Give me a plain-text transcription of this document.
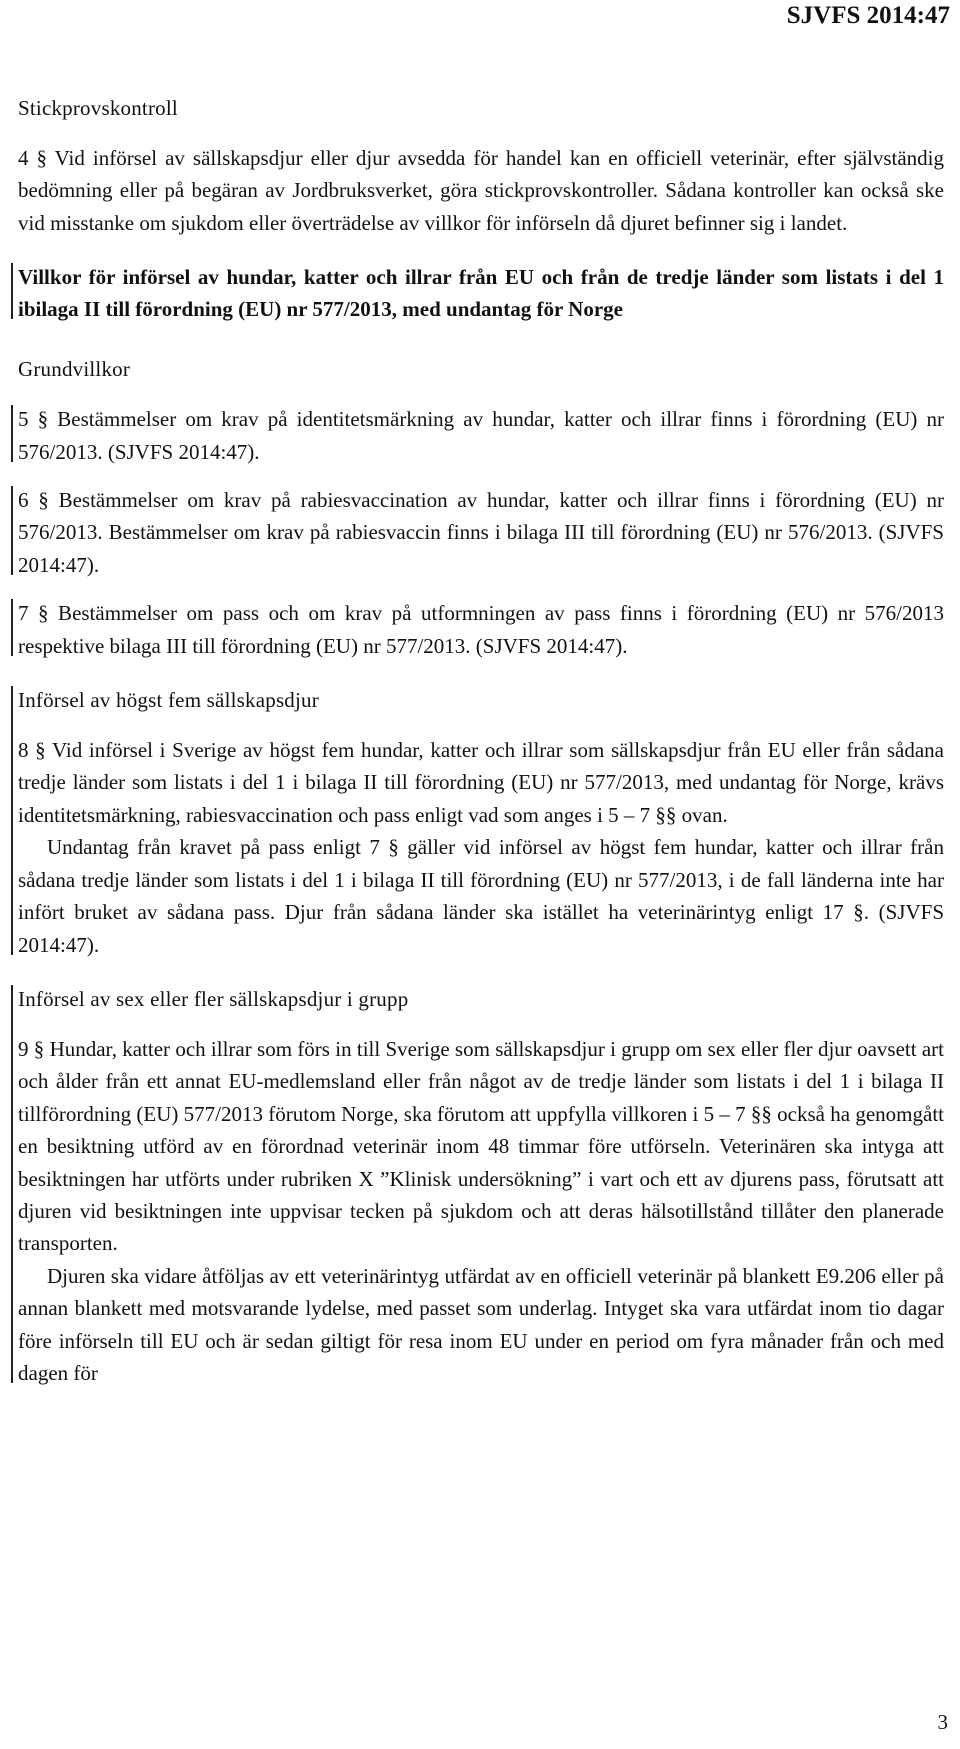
SJVFS 2014:47
Stickprovskontroll

4 § Vid införsel av sällskapsdjur eller djur avsedda för handel kan en officiell veterinär, efter självständig bedömning eller på begäran av Jordbruksverket, göra stickprovskontroller. Sådana kontroller kan också ske vid misstanke om sjukdom eller överträdelse av villkor för införseln då djuret befinner sig i landet.

Villkor för införsel av hundar, katter och illrar från EU och från de tredje länder som listats i del 1 ibilaga II till förordning (EU) nr 577/2013, med undantag för Norge
Grundvillkor

5 § Bestämmelser om krav på identitetsmärkning av hundar, katter och illrar finns i förordning (EU) nr 576/2013. (SJVFS 2014:47).

6 § Bestämmelser om krav på rabiesvaccination av hundar, katter och illrar finns i förordning (EU) nr 576/2013. Bestämmelser om krav på rabiesvaccin finns i bilaga III till förordning (EU) nr 576/2013. (SJVFS 2014:47).

7 § Bestämmelser om pass och om krav på utformningen av pass finns i förordning (EU) nr 576/2013 respektive bilaga III till förordning (EU) nr 577/2013. (SJVFS 2014:47).

Införsel av högst fem sällskapsdjur

8 § Vid införsel i Sverige av högst fem hundar, katter och illrar som sällskapsdjur från EU eller från sådana tredje länder som listats i del 1 i bilaga II till förordning (EU) nr 577/2013, med undantag för Norge, krävs identitetsmärkning, rabiesvaccination och pass enligt vad som anges i 5 – 7 §§ ovan.

Undantag från kravet på pass enligt 7 § gäller vid införsel av högst fem hundar, katter och illrar från sådana tredje länder som listats i del 1 i bilaga II till förordning (EU) nr 577/2013, i de fall länderna inte har infört bruket av sådana pass. Djur från sådana länder ska istället ha veterinärintyg enligt 17 §. (SJVFS 2014:47).

Införsel av sex eller fler sällskapsdjur i grupp

9 § Hundar, katter och illrar som förs in till Sverige som sällskapsdjur i grupp om sex eller fler djur oavsett art och ålder från ett annat EU-medlemsland eller från något av de tredje länder som listats i del 1 i bilaga II tillförordning (EU) 577/2013 förutom Norge, ska förutom att uppfylla villkoren i 5 – 7 §§ också ha genomgått en besiktning utförd av en förordnad veterinär inom 48 timmar före utförseln. Veterinären ska intyga att besiktningen har utförts under rubriken X ”Klinisk undersökning” i vart och ett av djurens pass, förutsatt att djuren vid besiktningen inte uppvisar tecken på sjukdom och att deras hälsotillstånd tillåter den planerade transporten.

Djuren ska vidare åtföljas av ett veterinärintyg utfärdat av en officiell veterinär på blankett E9.206 eller på annan blankett med motsvarande lydelse, med passet som underlag. Intyget ska vara utfärdat inom tio dagar före införseln till EU och är sedan giltigt för resa inom EU under en period om fyra månader från och med dagen för

3
